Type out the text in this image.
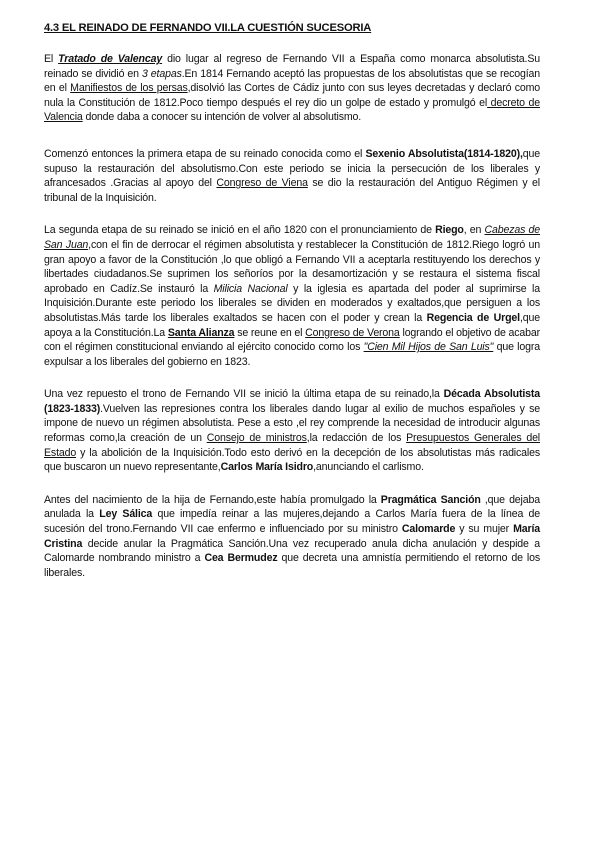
4.3 EL REINADO DE FERNANDO VII.LA CUESTIÓN SUCESORIA

El Tratado de Valencay dio lugar al regreso de Fernando VII a España como monarca absolutista.Su reinado se dividió en 3 etapas.En 1814 Fernando aceptó las propuestas de los absolutistas que se recogían en el Manifiestos de los persas,disolvió las Cortes de Cádiz junto con sus leyes decretadas y declaró como nula la Constitución de 1812.Poco tiempo después el rey dio un golpe de estado y promulgó el decreto de Valencia donde daba a conocer su intención de volver al absolutismo.

Comenzó entonces la primera etapa de su reinado conocida como el Sexenio Absolutista(1814-1820),que supuso la restauración del absolutismo.Con este periodo se inicia la persecución de los liberales y afrancesados .Gracias al apoyo del Congreso de Viena se dio la restauración del Antiguo Régimen y el tribunal de la Inquisición.

La segunda etapa de su reinado se inició en el año 1820 con el pronunciamiento de Riego, en Cabezas de San Juan,con el fin de derrocar el régimen absolutista y restablecer la Constitución de 1812.Riego logró un gran apoyo a favor de la Constitución ,lo que obligó a Fernando VII a aceptarla restituyendo los derechos y libertades ciudadanos.Se suprimen los señoríos por la desamortización y se restaura el sistema fiscal aprobado en Cadíz.Se instauró la Milicia Nacional y la iglesia es apartada del poder al suprimirse la Inquisición.Durante este periodo los liberales se dividen en moderados y exaltados,que persiguen a los absolutistas.Más tarde los liberales exaltados se hacen con el poder y crean la Regencia de Urgel,que apoya a la Constitución.La Santa Alianza se reune en el Congreso de Verona logrando el objetivo de acabar con el régimen constitucional enviando al ejército conocido como los "Cien Mil Hijos de San Luis" que logra expulsar a los liberales del gobierno en 1823.

Una vez repuesto el trono de Fernando VII se inició la última etapa de su reinado,la Década Absolutista (1823-1833).Vuelven las represiones contra los liberales dando lugar al exilio de muchos españoles y se impone de nuevo un régimen absolutista. Pese a esto ,el rey comprende la necesidad de introducir algunas reformas como,la creación de un Consejo de ministros,la redacción de los Presupuestos Generales del Estado y la abolición de la Inquisición.Todo esto derivó en la decepción de los absolutistas más radicales que buscaron un nuevo representante,Carlos María Isidro,anunciando el carlismo.

Antes del nacimiento de la hija de Fernando,este había promulgado la Pragmática Sanción ,que dejaba anulada la Ley Sálica que impedía reinar a las mujeres,dejando a Carlos María fuera de la línea de sucesión del trono.Fernando VII cae enfermo e influenciado por su ministro Calomarde y su mujer María Cristina decide anular la Pragmática Sanción.Una vez recuperado anula dicha anulación y despide a Calomarde nombrando ministro a Cea Bermudez que decreta una amnistía permitiendo el retorno de los liberales.
